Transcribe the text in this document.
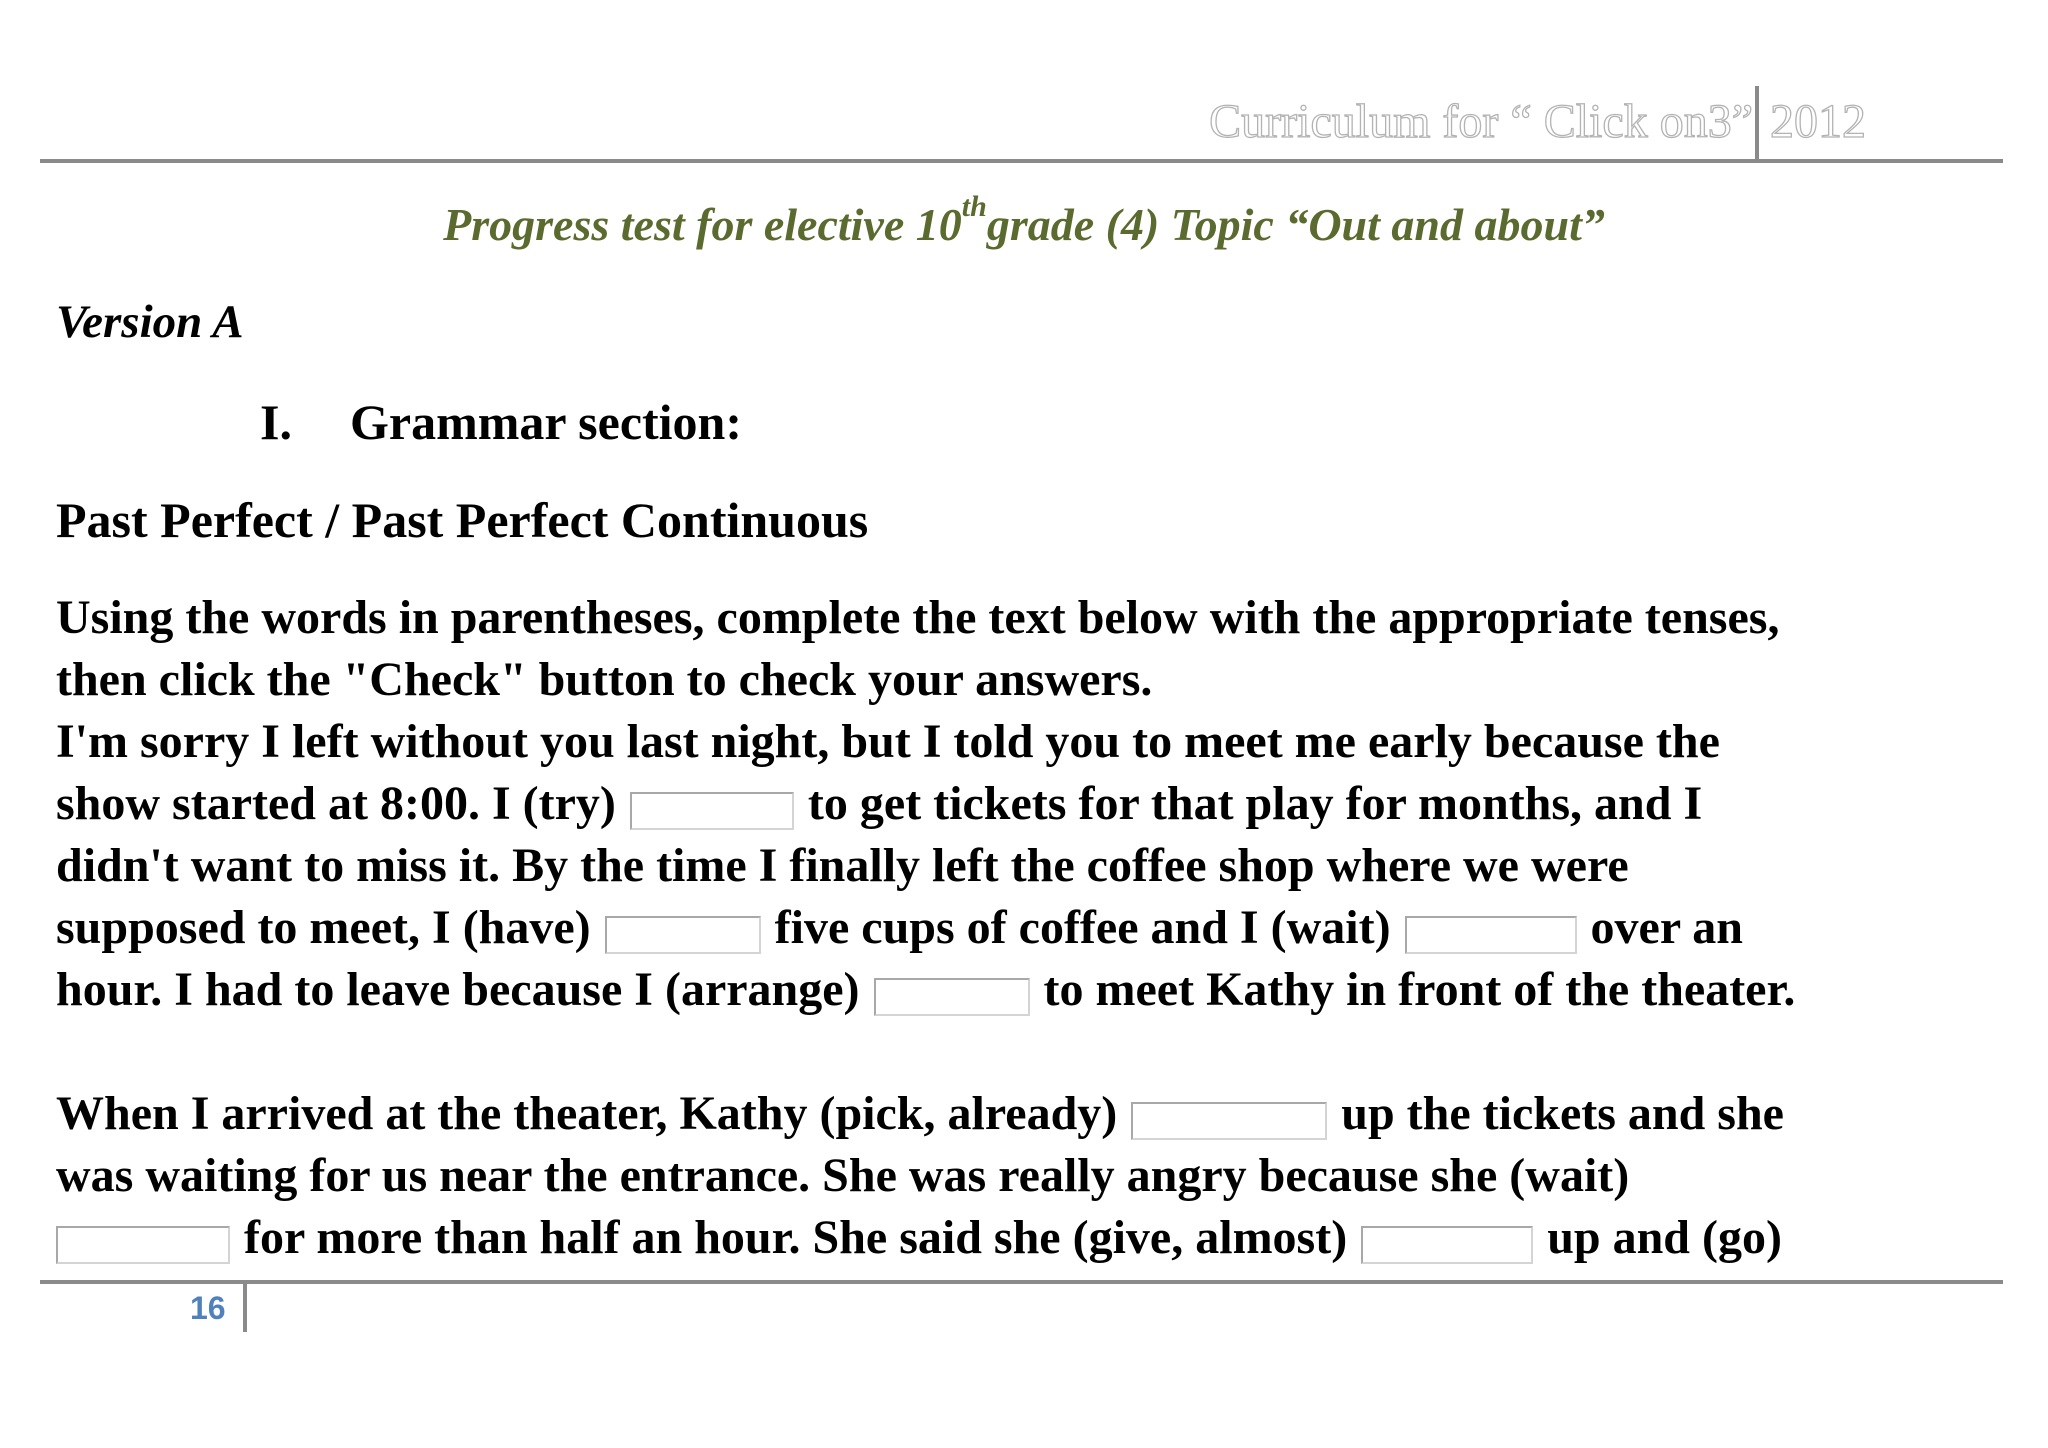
Curriculum for “ Click on3” 2012
Progress test for elective 10thgrade (4) Topic “Out and about”
Version A
I. Grammar section:
Past Perfect / Past Perfect Continuous
Using the words in parentheses, complete the text below with the appropriate tenses,
then click the "Check" button to check your answers.
I'm sorry I left without you last night, but I told you to meet me early because the
show started at 8:00. I (try)	to get tickets for that play for months, and I
didn't want to miss it. By the time I finally left the coffee shop where we were
supposed to meet, I (have)	five cups of coffee and I (wait)	over an
hour. I had to leave because I (arrange)	to meet Kathy in front of the theater.
When I arrived at the theater, Kathy (pick, already)	up the tickets and she
was waiting for us near the entrance. She was really angry because she (wait)
for more than half an hour. She said she (give, almost)	up and (go)
16
